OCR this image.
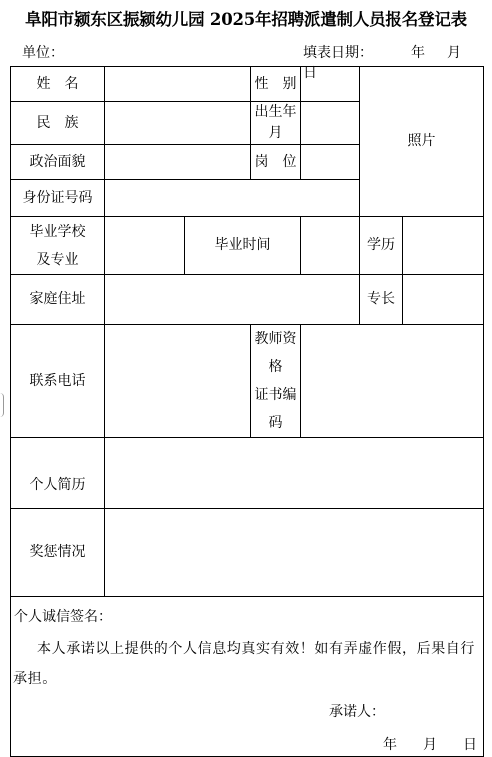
阜阳市颍东区振颍幼儿园 2025年招聘派遣制人员报名登记表
单位：	填表日期：	年 月日
姓　名			性　别		照片	
民　族			出生年月			
政治面貌			岗　位			
身份证号码						
毕业学校
及专业		毕业时间			学历	
家庭住址					专长	
联系电话			教师资格
证书编码			
个人简历						
奖惩情况						

个人诚信签名：
本人承诺以上提供的个人信息均真实有效！如有弄虚作假，后果自行承担。
承诺人：
年 月 日						
